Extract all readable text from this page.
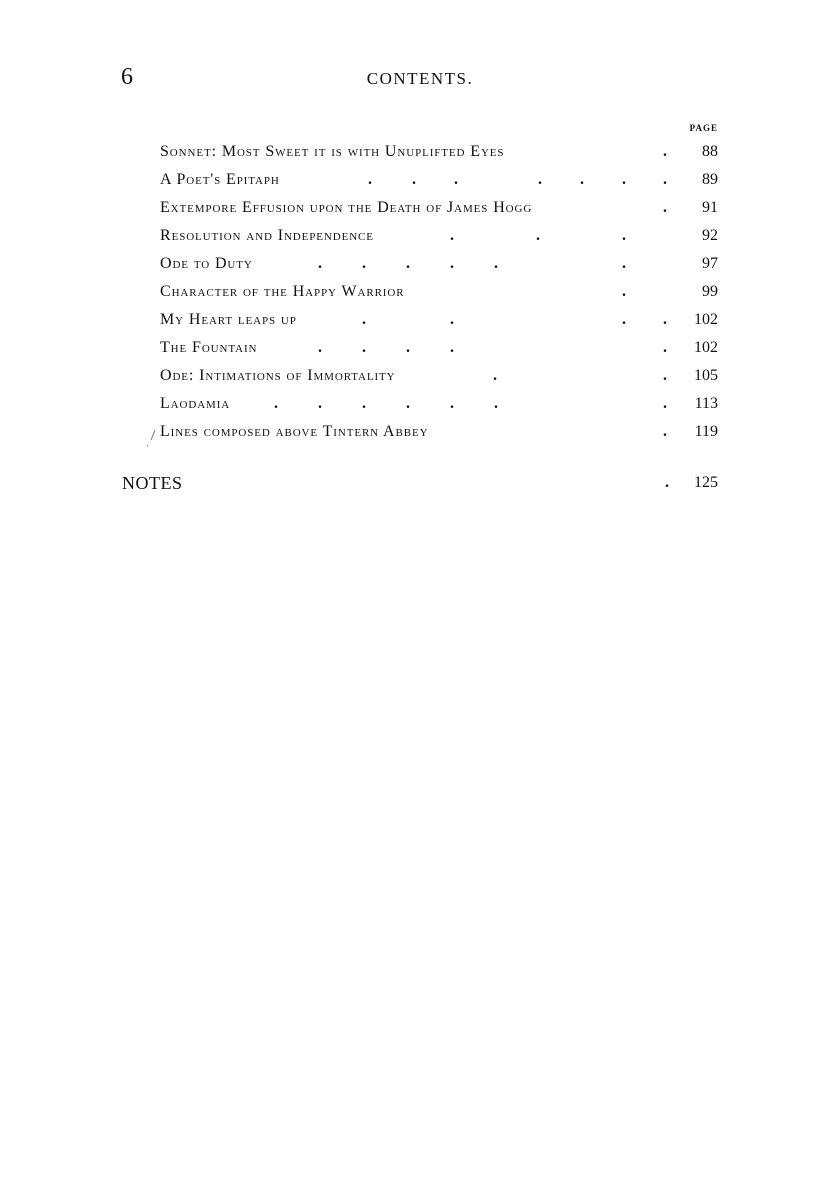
6	CONTENTS.
PAGE
Sonnet: Most Sweet it is with Unuplifted Eyes	. 88
A Poet's Epitaph	.	. .	. . . . 89
Extempore Effusion upon the Death of James Hogg	. 91
Resolution and Independence	.	.	.	92
Ode to Duty	.	.	.	.	.	.	97
Character of the Happy Warrior	.	99
My Heart leaps up	.	.	. . 102
The Fountain	.	.	.	.	. 102
Ode: Intimations of Immortality	.	. 105
Laodamia	.	.	.	.	.	.	. 113
Lines composed above Tintern Abbey	. 119
NOTES	. 125
